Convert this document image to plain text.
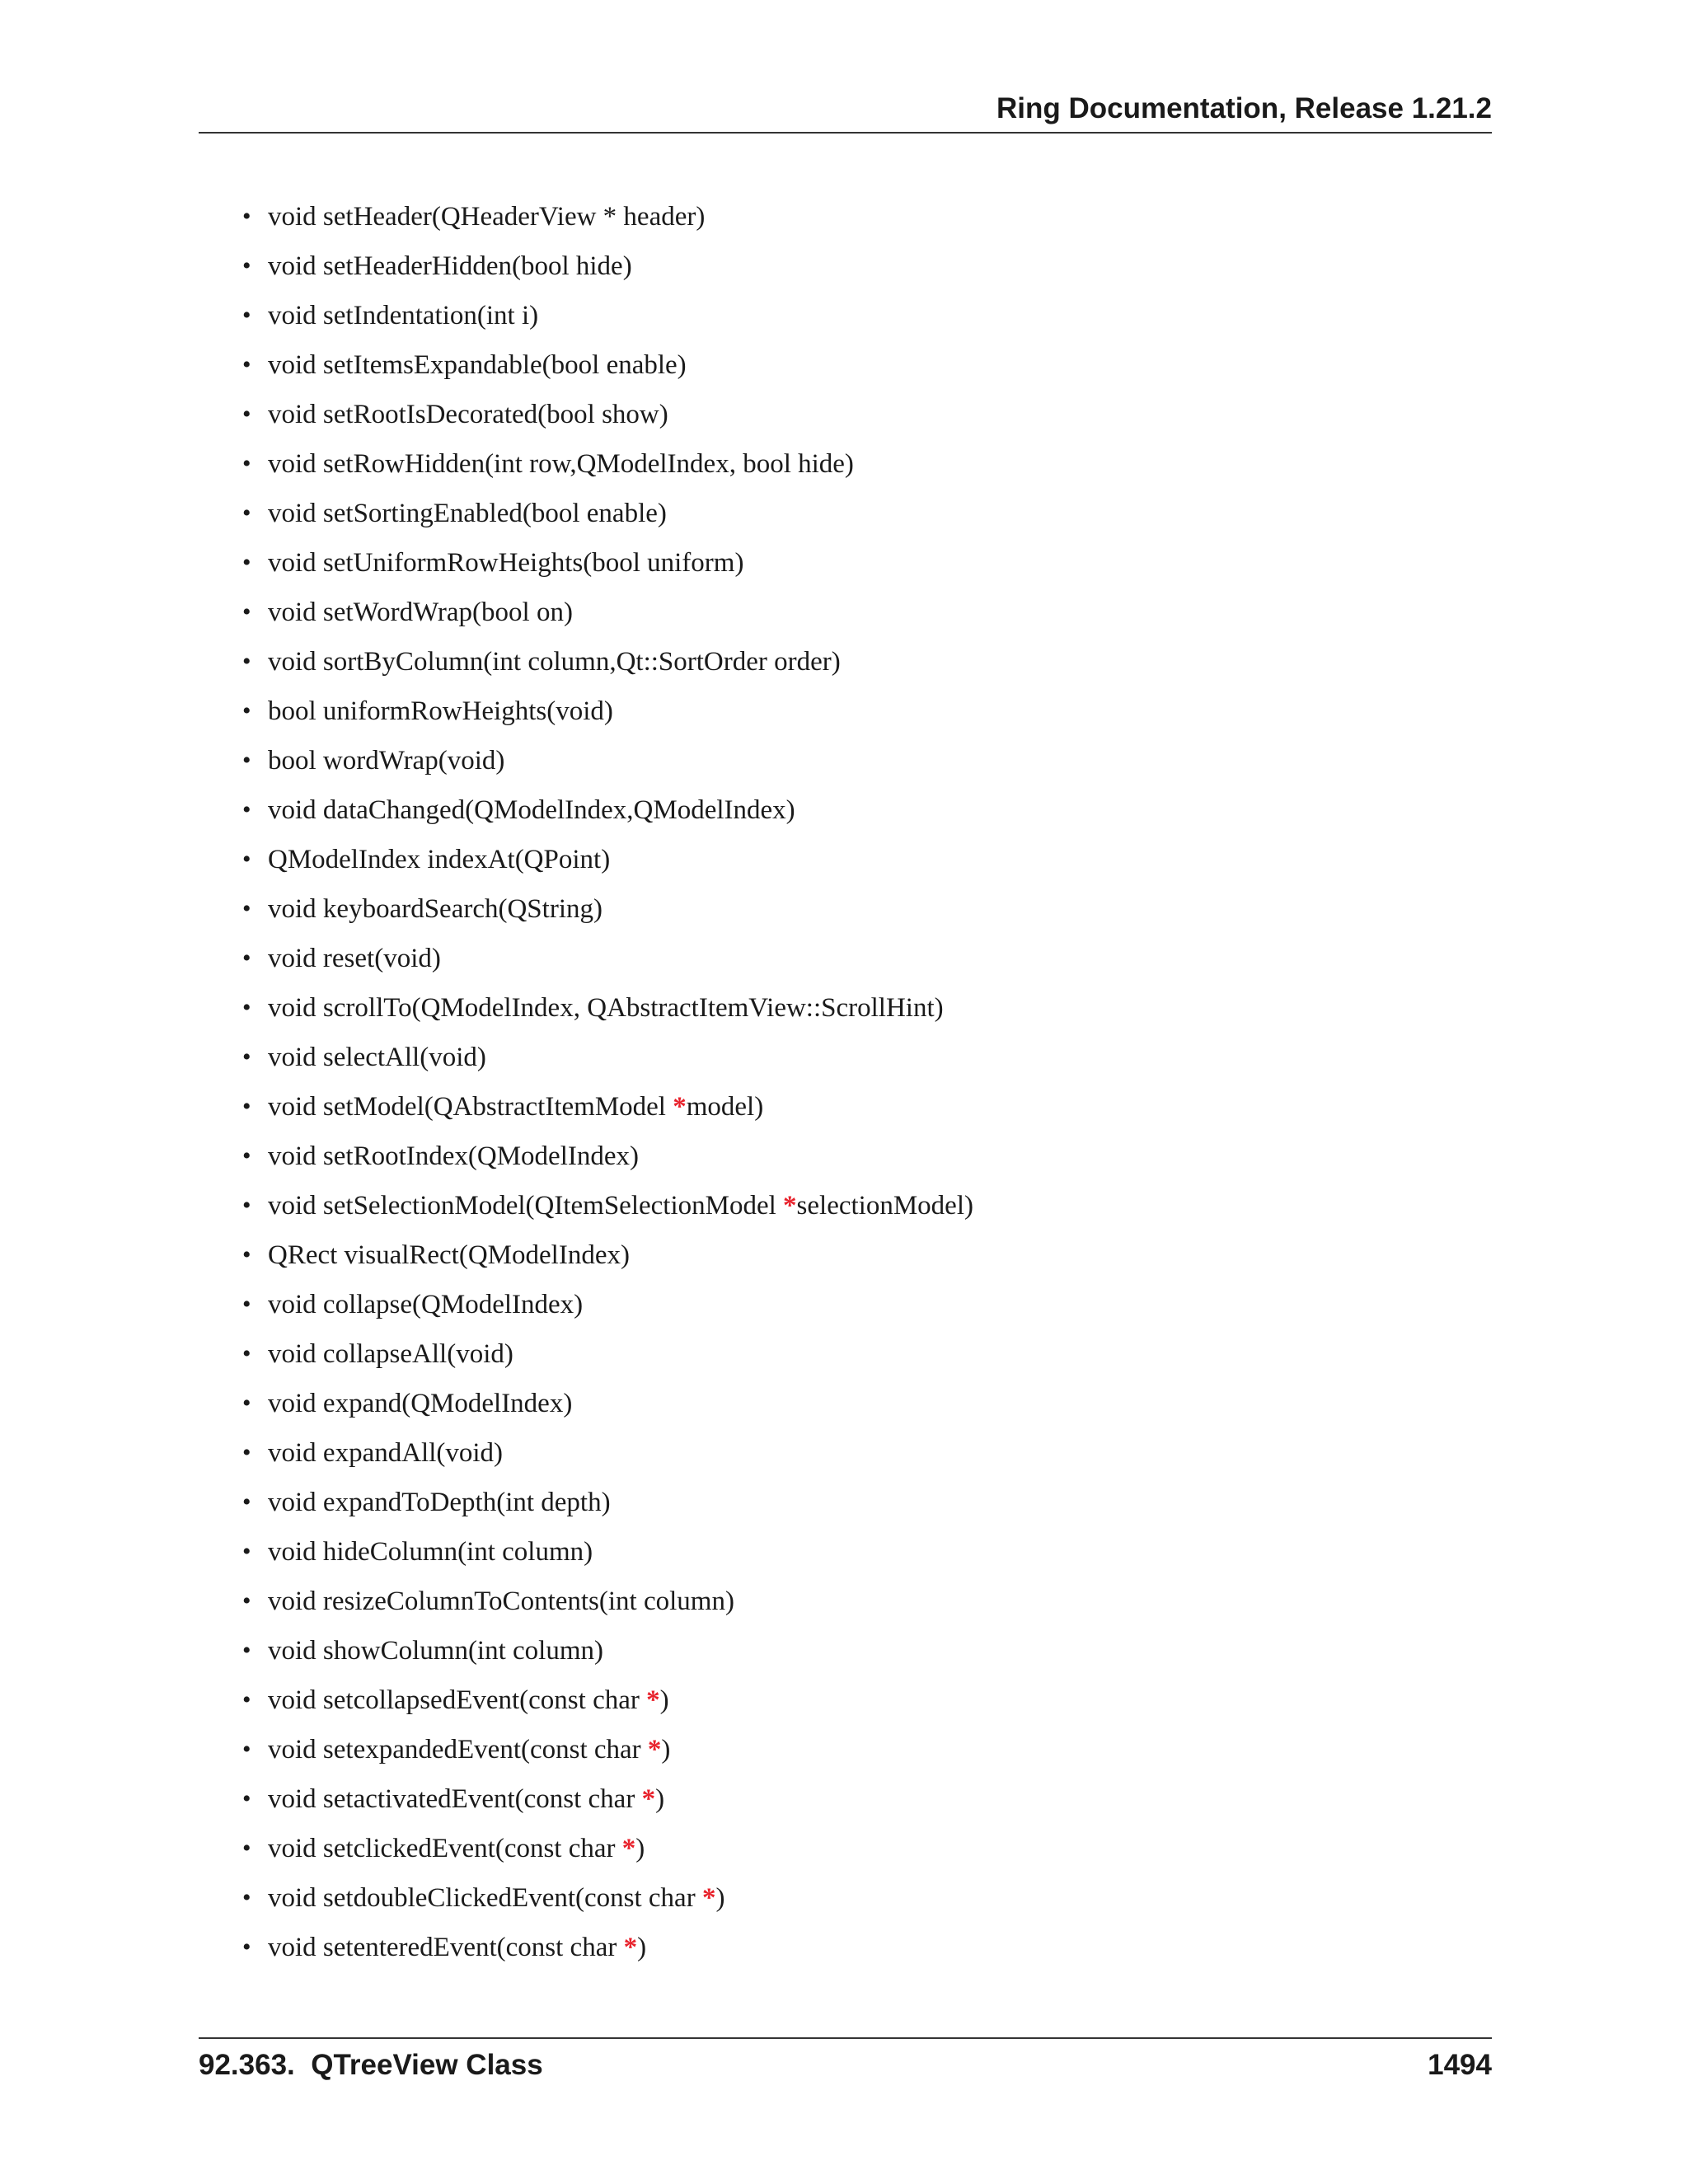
Ring Documentation, Release 1.21.2
• void setHeader(QHeaderView * header)
• void setHeaderHidden(bool hide)
• void setIndentation(int i)
• void setItemsExpandable(bool enable)
• void setRootIsDecorated(bool show)
• void setRowHidden(int row,QModelIndex, bool hide)
• void setSortingEnabled(bool enable)
• void setUniformRowHeights(bool uniform)
• void setWordWrap(bool on)
• void sortByColumn(int column,Qt::SortOrder order)
• bool uniformRowHeights(void)
• bool wordWrap(void)
• void dataChanged(QModelIndex,QModelIndex)
• QModelIndex indexAt(QPoint)
• void keyboardSearch(QString)
• void reset(void)
• void scrollTo(QModelIndex, QAbstractItemView::ScrollHint)
• void selectAll(void)
• void setModel(QAbstractItemModel *model)
• void setRootIndex(QModelIndex)
• void setSelectionModel(QItemSelectionModel *selectionModel)
• QRect visualRect(QModelIndex)
• void collapse(QModelIndex)
• void collapseAll(void)
• void expand(QModelIndex)
• void expandAll(void)
• void expandToDepth(int depth)
• void hideColumn(int column)
• void resizeColumnToContents(int column)
• void showColumn(int column)
• void setcollapsedEvent(const char *)
• void setexpandedEvent(const char *)
• void setactivatedEvent(const char *)
• void setclickedEvent(const char *)
• void setdoubleClickedEvent(const char *)
• void setenteredEvent(const char *)
92.363.  QTreeView Class	1494
